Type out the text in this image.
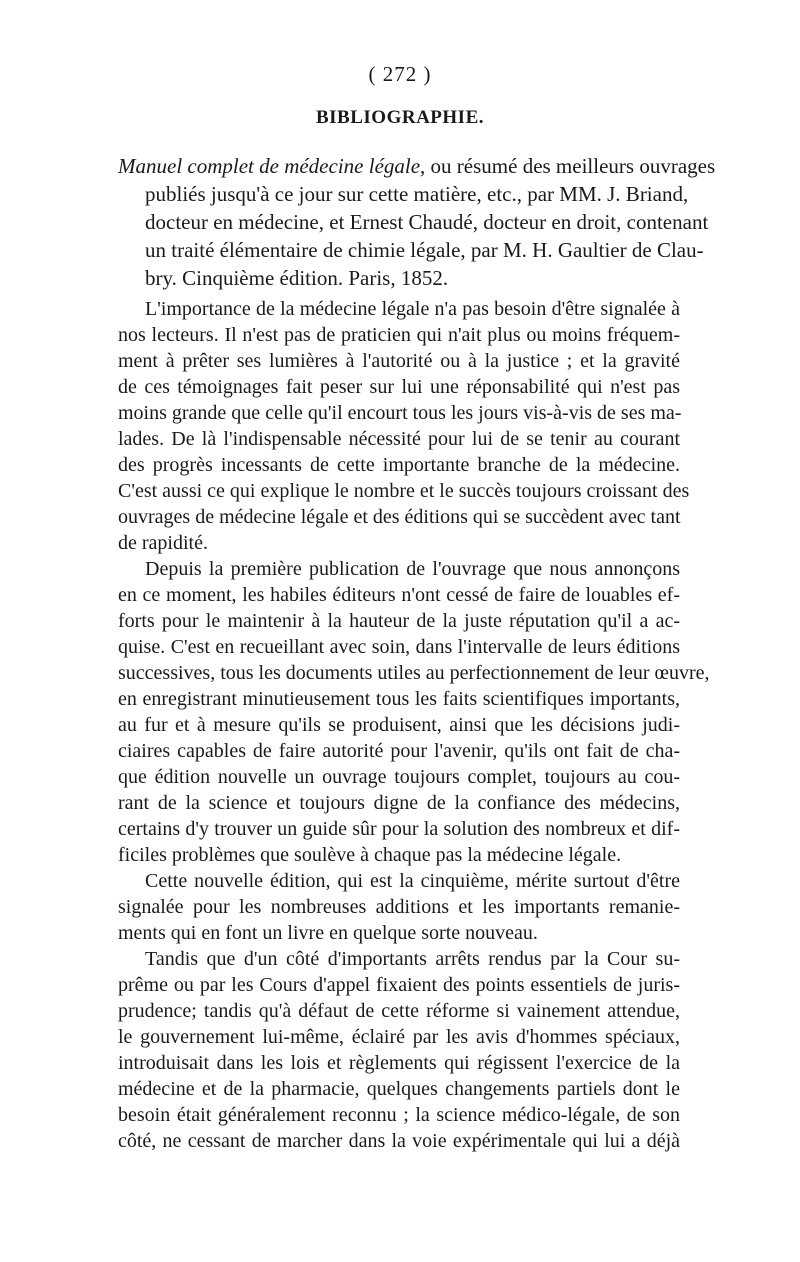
( 272 )
BIBLIOGRAPHIE.

Manuel complet de médecine légale, ou résumé des meilleurs ouvrages

publiés jusqu'à ce jour sur cette matière, etc., par MM. J. Briand,

docteur en médecine, et Ernest Chaudé, docteur en droit, contenant

un traité élémentaire de chimie légale, par M. H. Gaultier de Clau-

bry. Cinquième édition. Paris, 1852.

L'importance de la médecine légale n'a pas besoin d'être signalée à

nos lecteurs. Il n'est pas de praticien qui n'ait plus ou moins fréquem-

ment à prêter ses lumières à l'autorité ou à la justice ; et la gravité

de ces témoignages fait peser sur lui une réponsabilité qui n'est pas

moins grande que celle qu'il encourt tous les jours vis-à-vis de ses ma-

lades. De là l'indispensable nécessité pour lui de se tenir au courant

des progrès incessants de cette importante branche de la médecine.

C'est aussi ce qui explique le nombre et le succès toujours croissant des

ouvrages de médecine légale et des éditions qui se succèdent avec tant

de rapidité.

Depuis la première publication de l'ouvrage que nous annonçons

en ce moment, les habiles éditeurs n'ont cessé de faire de louables ef-

forts pour le maintenir à la hauteur de la juste réputation qu'il a ac-

quise. C'est en recueillant avec soin, dans l'intervalle de leurs éditions

successives, tous les documents utiles au perfectionnement de leur œuvre,

en enregistrant minutieusement tous les faits scientifiques importants,

au fur et à mesure qu'ils se produisent, ainsi que les décisions judi-

ciaires capables de faire autorité pour l'avenir, qu'ils ont fait de cha-

que édition nouvelle un ouvrage toujours complet, toujours au cou-

rant de la science et toujours digne de la confiance des médecins,

certains d'y trouver un guide sûr pour la solution des nombreux et dif-

ficiles problèmes que soulève à chaque pas la médecine légale.

Cette nouvelle édition, qui est la cinquième, mérite surtout d'être

signalée pour les nombreuses additions et les importants remanie-

ments qui en font un livre en quelque sorte nouveau.

Tandis que d'un côté d'importants arrêts rendus par la Cour su-

prême ou par les Cours d'appel fixaient des points essentiels de juris-

prudence; tandis qu'à défaut de cette réforme si vainement attendue,

le gouvernement lui-même, éclairé par les avis d'hommes spéciaux,

introduisait dans les lois et règlements qui régissent l'exercice de la

médecine et de la pharmacie, quelques changements partiels dont le

besoin était généralement reconnu ; la science médico-légale, de son

côté, ne cessant de marcher dans la voie expérimentale qui lui a déjà
